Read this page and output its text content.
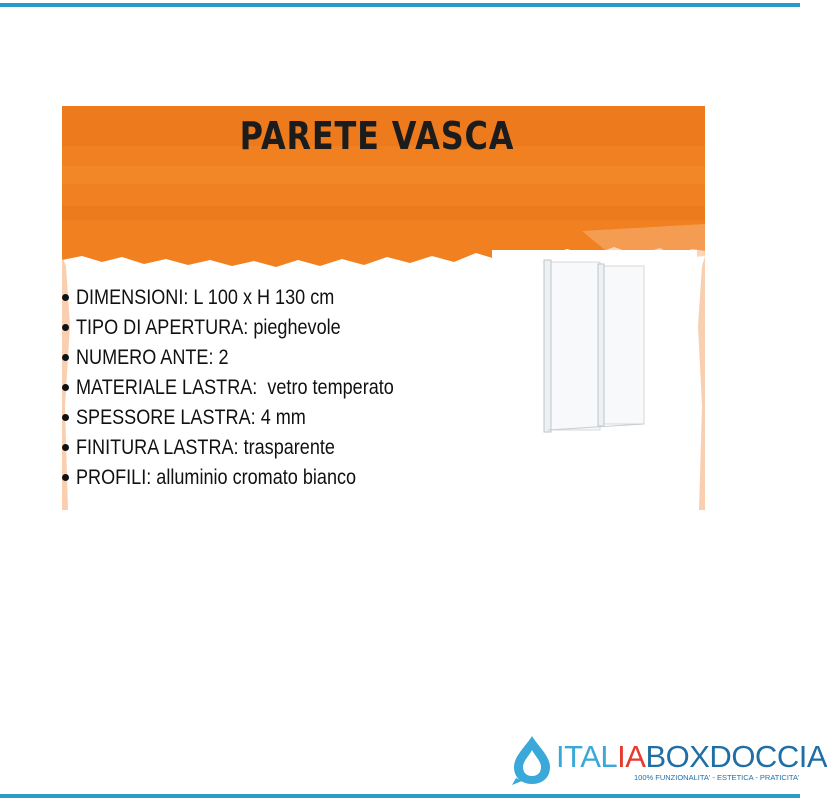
PARETE VASCA
DIMENSIONI: L 100 x H 130 cm
TIPO DI APERTURA: pieghevole
NUMERO ANTE: 2
MATERIALE LASTRA:  vetro temperato
SPESSORE LASTRA: 4 mm
FINITURA LASTRA: trasparente
PROFILI: alluminio cromato bianco
ITALIABOXDOCCIA
100% FUNZIONALITA' - ESTETICA - PRATICITA'
